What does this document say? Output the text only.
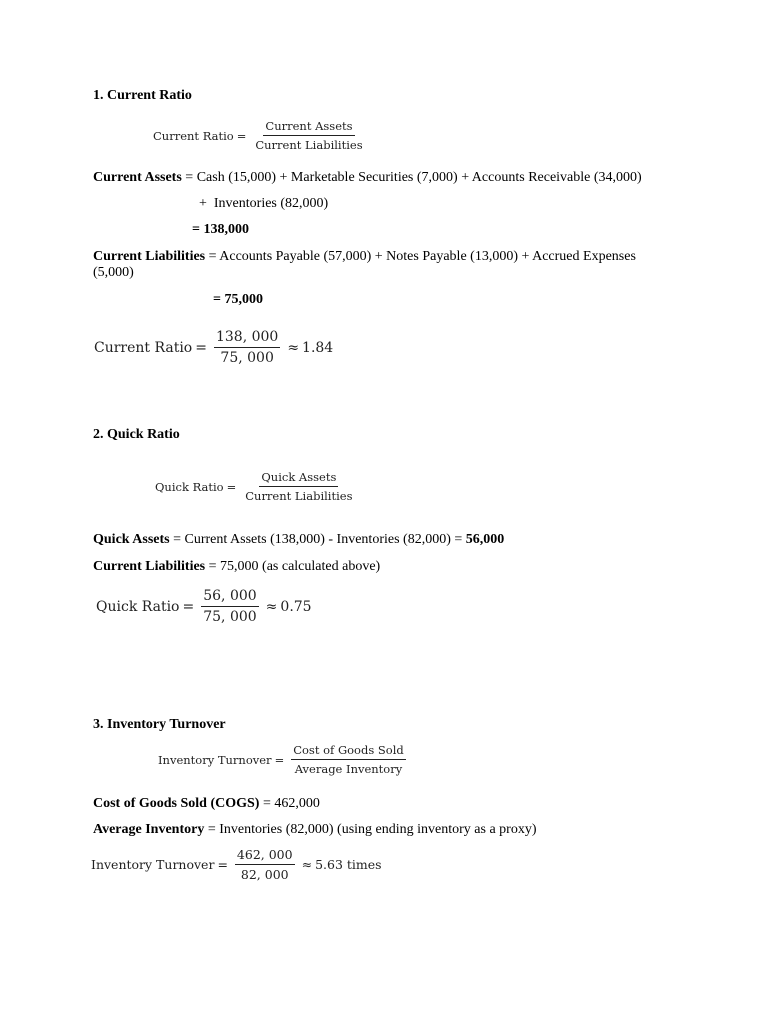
1. Current Ratio
Current Ratio = $\frac{\text{Current Assets}}{\text{Current Liabilities}}$
Current Assets = Cash (15,000) + Marketable Securities (7,000) + Accounts Receivable (34,000)
+  Inventories (82,000)
= 138,000
Current Liabilities = Accounts Payable (57,000) + Notes Payable (13,000) + Accrued Expenses (5,000)
= 75,000
Current Ratio = $\frac{138, 000}{75, 000} \approx 1.84$
2. Quick Ratio
Quick Ratio = $\frac{\text{Quick Assets}}{\text{Current Liabilities}}$
Quick Assets = Current Assets (138,000) - Inventories (82,000) = 56,000
Current Liabilities = 75,000 (as calculated above)
Quick Ratio = $\frac{56, 000}{75, 000} \approx 0.75$
3. Inventory Turnover
Inventory Turnover = $\frac{\text{Cost of Goods Sold}}{\text{Average Inventory}}$
Cost of Goods Sold (COGS) = 462,000
Average Inventory = Inventories (82,000) (using ending inventory as a proxy)
Inventory Turnover = $\frac{462, 000}{82, 000} \approx 5.63$ times
